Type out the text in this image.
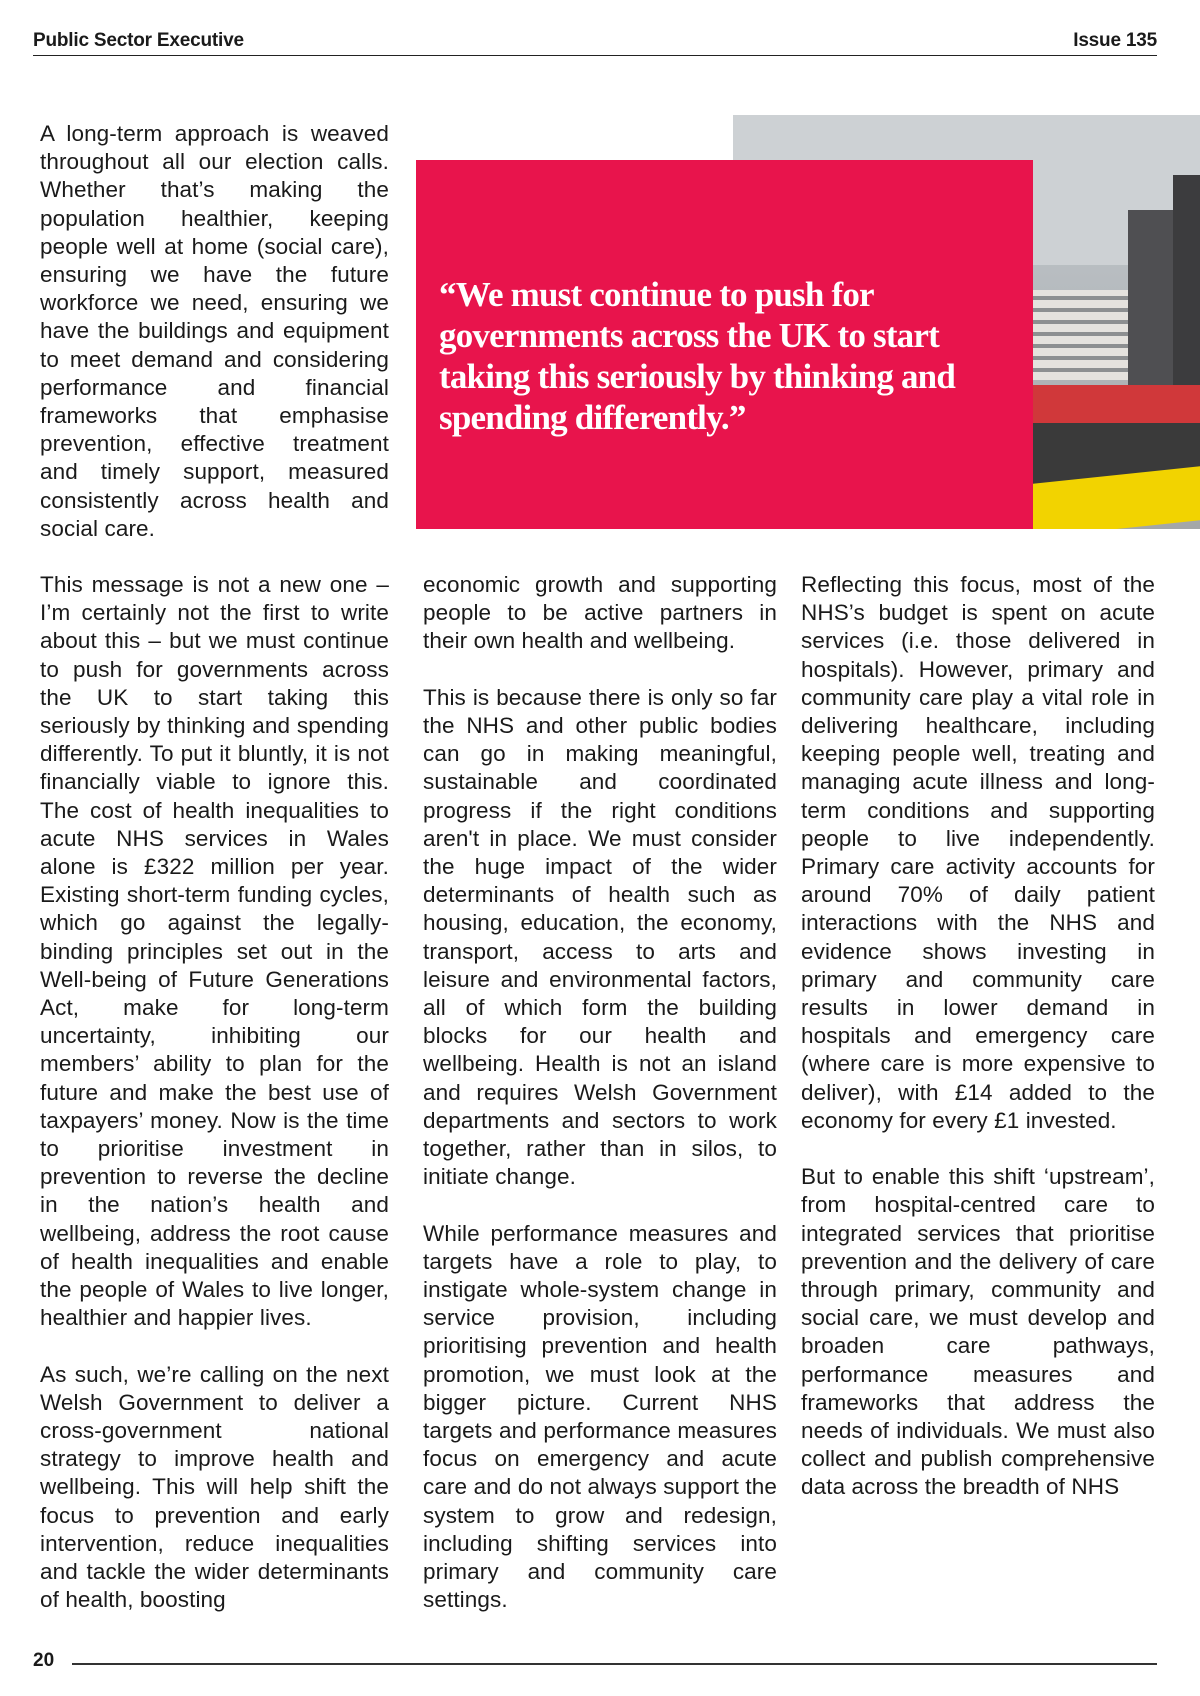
Public Sector Executive	Issue 135

A long-term approach is weaved throughout all our election calls. Whether that’s making the population healthier, keeping people well at home (social care), ensuring we have the future workforce we need, ensuring we have the buildings and equipment to meet demand and considering performance and financial frameworks that emphasise prevention, effective treatment and timely support, measured consistently across health and social care.

“We must continue to push for governments across the UK to start taking this seriously by thinking and spending differently.”

This message is not a new one – I’m certainly not the first to write about this – but we must continue to push for governments across the UK to start taking this seriously by thinking and spending differently. To put it bluntly, it is not financially viable to ignore this. The cost of health inequalities to acute NHS services in Wales alone is £322 million per year. Existing short-term funding cycles, which go against the legally-binding principles set out in the Well-being of Future Generations Act, make for long-term uncertainty, inhibiting our members’ ability to plan for the future and make the best use of taxpayers’ money. Now is the time to prioritise investment in prevention to reverse the decline in the nation’s health and wellbeing, address the root cause of health inequalities and enable the people of Wales to live longer, healthier and happier lives.

As such, we’re calling on the next Welsh Government to deliver a cross-government national strategy to improve health and wellbeing. This will help shift the focus to prevention and early intervention, reduce inequalities and tackle the wider determinants of health, boosting

economic growth and supporting people to be active partners in their own health and wellbeing.

This is because there is only so far the NHS and other public bodies can go in making meaningful, sustainable and coordinated progress if the right conditions aren't in place. We must consider the huge impact of the wider determinants of health such as housing, education, the economy, transport, access to arts and leisure and environmental factors, all of which form the building blocks for our health and wellbeing. Health is not an island and requires Welsh Government departments and sectors to work together, rather than in silos, to initiate change.

While performance measures and targets have a role to play, to instigate whole-system change in service provision, including prioritising prevention and health promotion, we must look at the bigger picture. Current NHS targets and performance measures focus on emergency and acute care and do not always support the system to grow and redesign, including shifting services into primary and community care settings.

Reflecting this focus, most of the NHS’s budget is spent on acute services (i.e. those delivered in hospitals). However, primary and community care play a vital role in delivering healthcare, including keeping people well, treating and managing acute illness and long-term conditions and supporting people to live independently. Primary care activity accounts for around 70% of daily patient interactions with the NHS and evidence shows investing in primary and community care results in lower demand in hospitals and emergency care (where care is more expensive to deliver), with £14 added to the economy for every £1 invested.

But to enable this shift ‘upstream’, from hospital-centred care to integrated services that prioritise prevention and the delivery of care through primary, community and social care, we must develop and broaden care pathways, performance measures and frameworks that address the needs of individuals. We must also collect and publish comprehensive data across the breadth of NHS

20
